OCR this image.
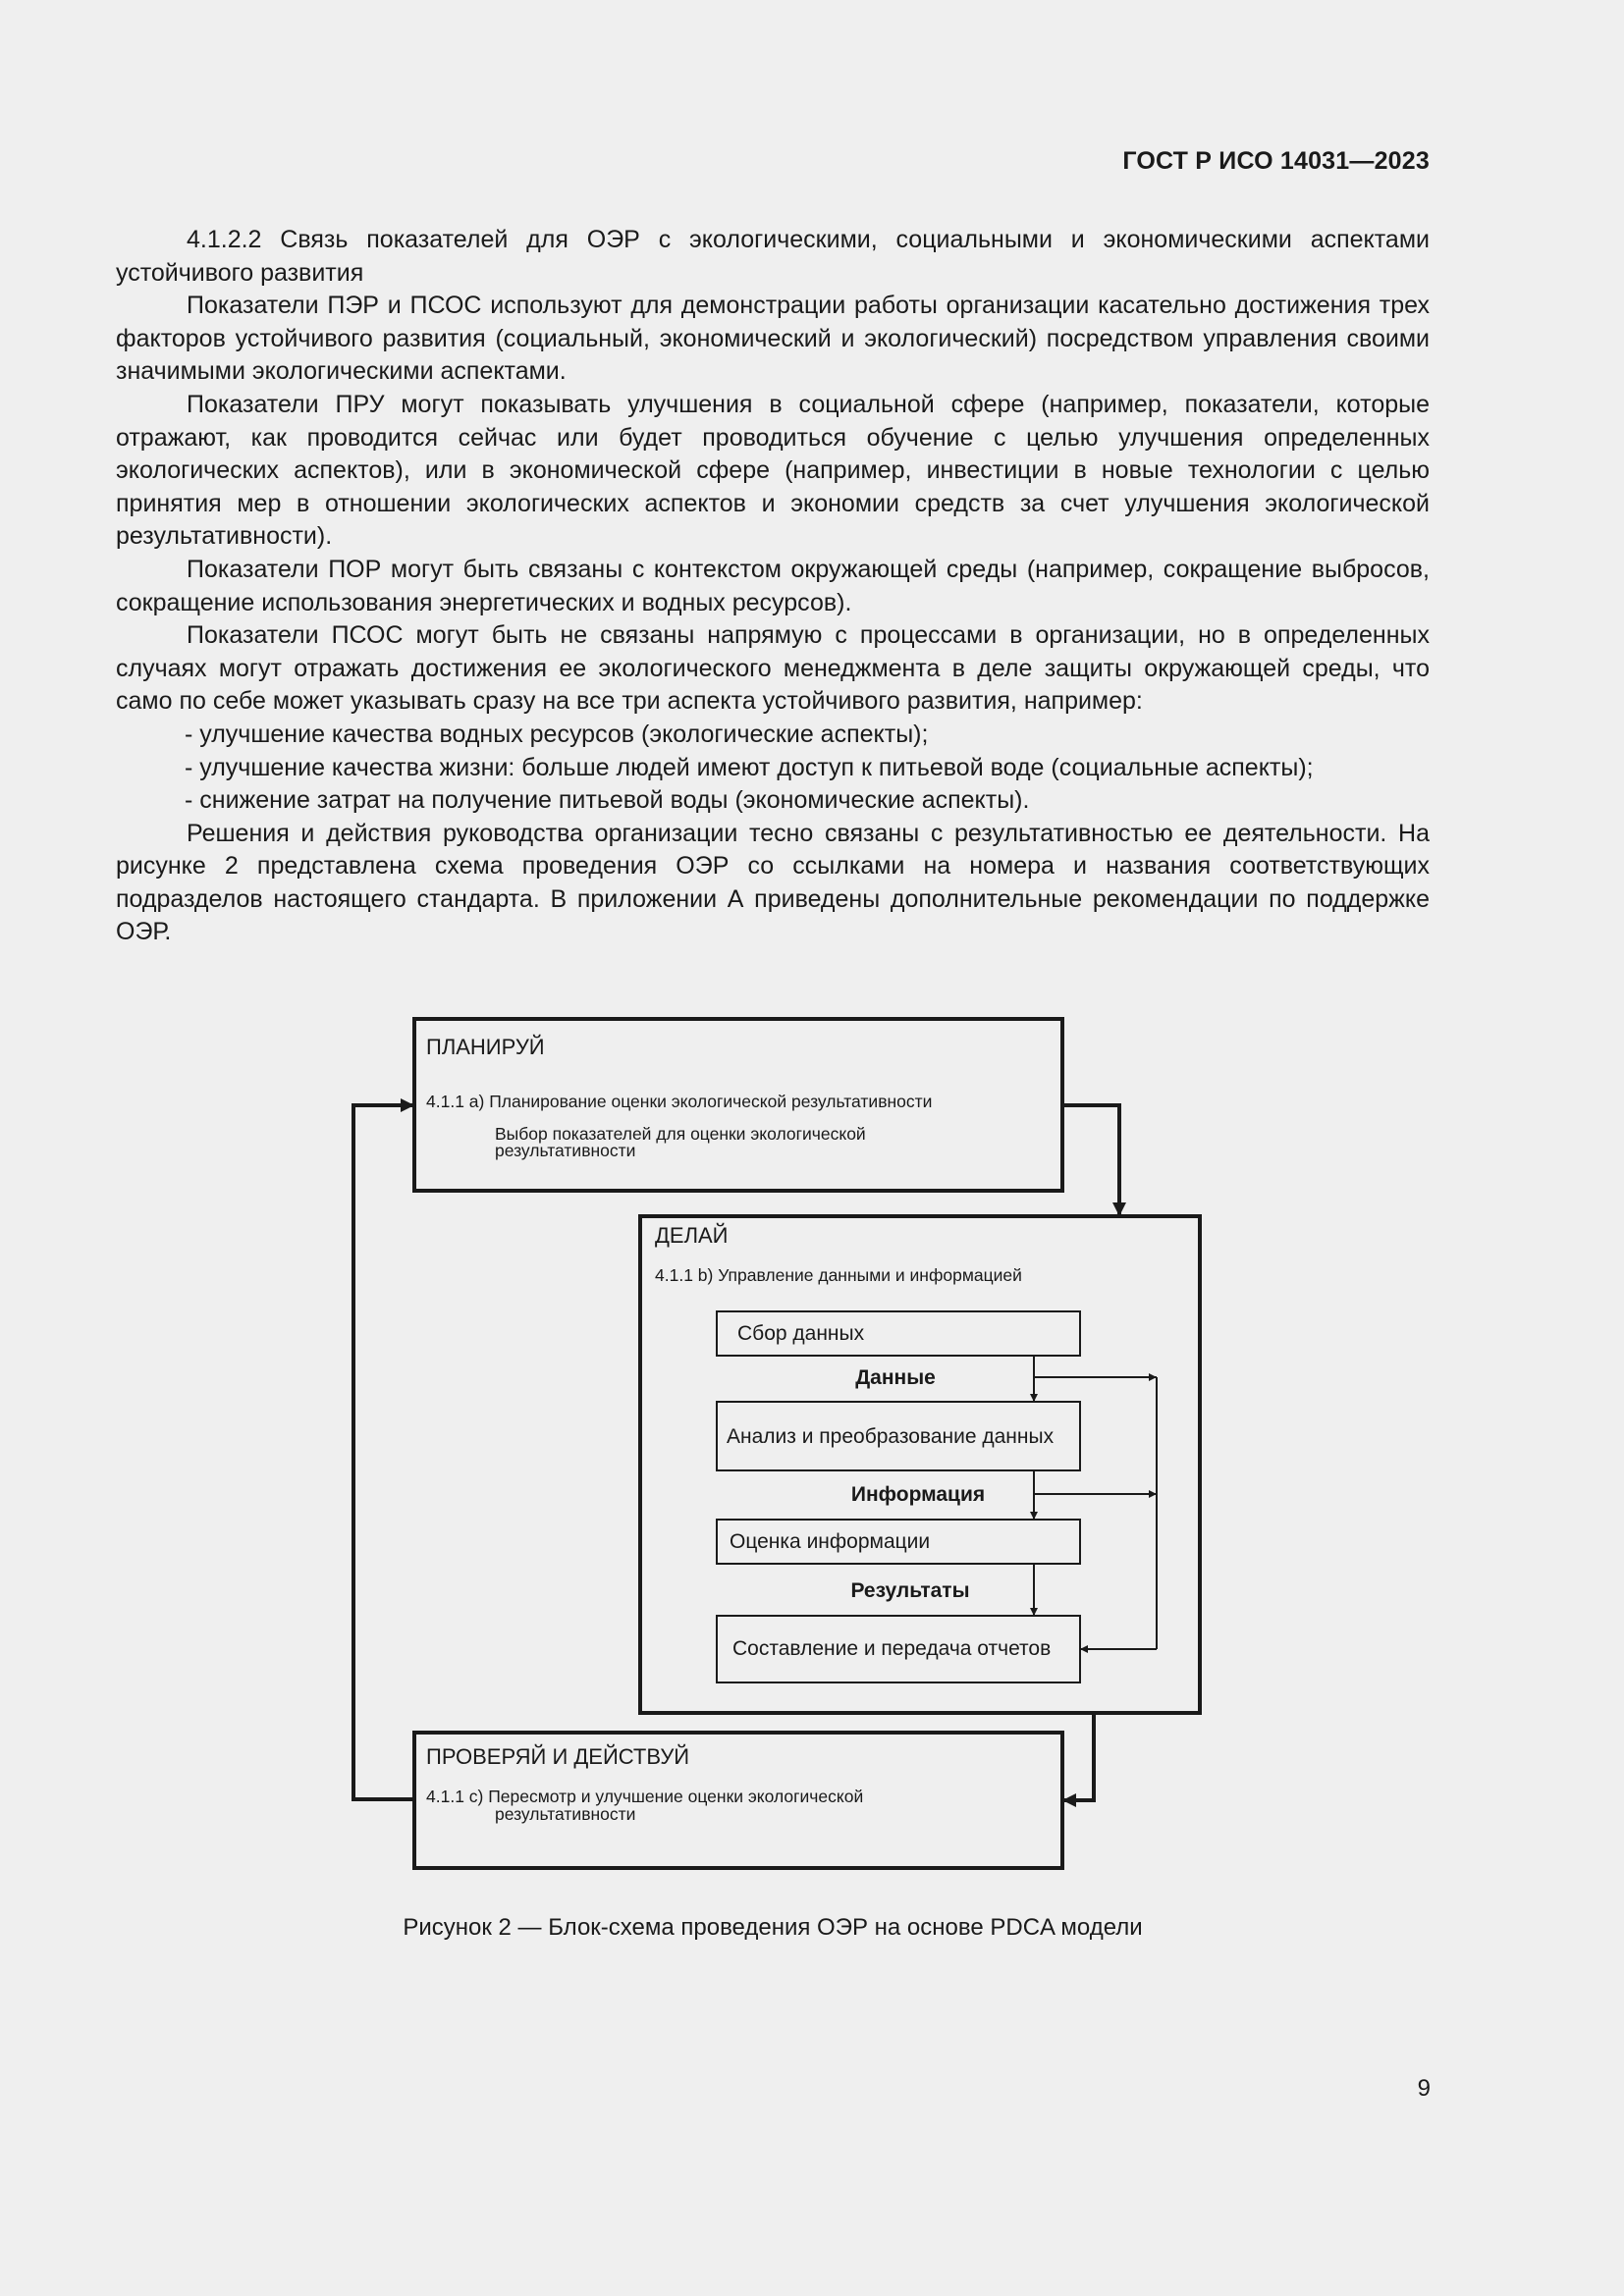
ГОСТ Р ИСО 14031—2023

4.1.2.2 Связь показателей для ОЭР с экологическими, социальными и экономическими аспектами устойчивого развития

Показатели ПЭР и ПСОС используют для демонстрации работы организации касательно достижения трех факторов устойчивого развития (социальный, экономический и экологический) посредством управления своими значимыми экологическими аспектами.

Показатели ПРУ могут показывать улучшения в социальной сфере (например, показатели, которые отражают, как проводится сейчас или будет проводиться обучение с целью улучшения определенных экологических аспектов), или в экономической сфере (например, инвестиции в новые технологии с целью принятия мер в отношении экологических аспектов и экономии средств за счет улучшения экологической результативности).

Показатели ПОР могут быть связаны с контекстом окружающей среды (например, сокращение выбросов, сокращение использования энергетических и водных ресурсов).

Показатели ПСОС могут быть не связаны напрямую с процессами в организации, но в определенных случаях могут отражать достижения ее экологического менеджмента в деле защиты окружающей среды, что само по себе может указывать сразу на все три аспекта устойчивого развития, например:

- улучшение качества водных ресурсов (экологические аспекты);

- улучшение качества жизни: больше людей имеют доступ к питьевой воде (социальные аспекты);

- снижение затрат на получение питьевой воды (экономические аспекты).

Решения и действия руководства организации тесно связаны с результативностью ее деятельности. На рисунке 2 представлена схема проведения ОЭР со ссылками на номера и названия соответствующих подразделов настоящего стандарта. В приложении А приведены дополнительные рекомендации по поддержке ОЭР.

ПЛАНИРУЙ
4.1.1 а) Планирование оценки экологической результативности
Выбор показателей для оценки экологической
результативности
ДЕЛАЙ
4.1.1 b) Управление данными и информацией
Сбор данных
Данные
Анализ и преобразование данных
Информация
Оценка информации
Результаты
Составление и передача отчетов
ПРОВЕРЯЙ И ДЕЙСТВУЙ
4.1.1 с) Пересмотр и улучшение оценки экологической
результативности
Рисунок 2 — Блок-схема проведения ОЭР на основе PDCA модели
9
